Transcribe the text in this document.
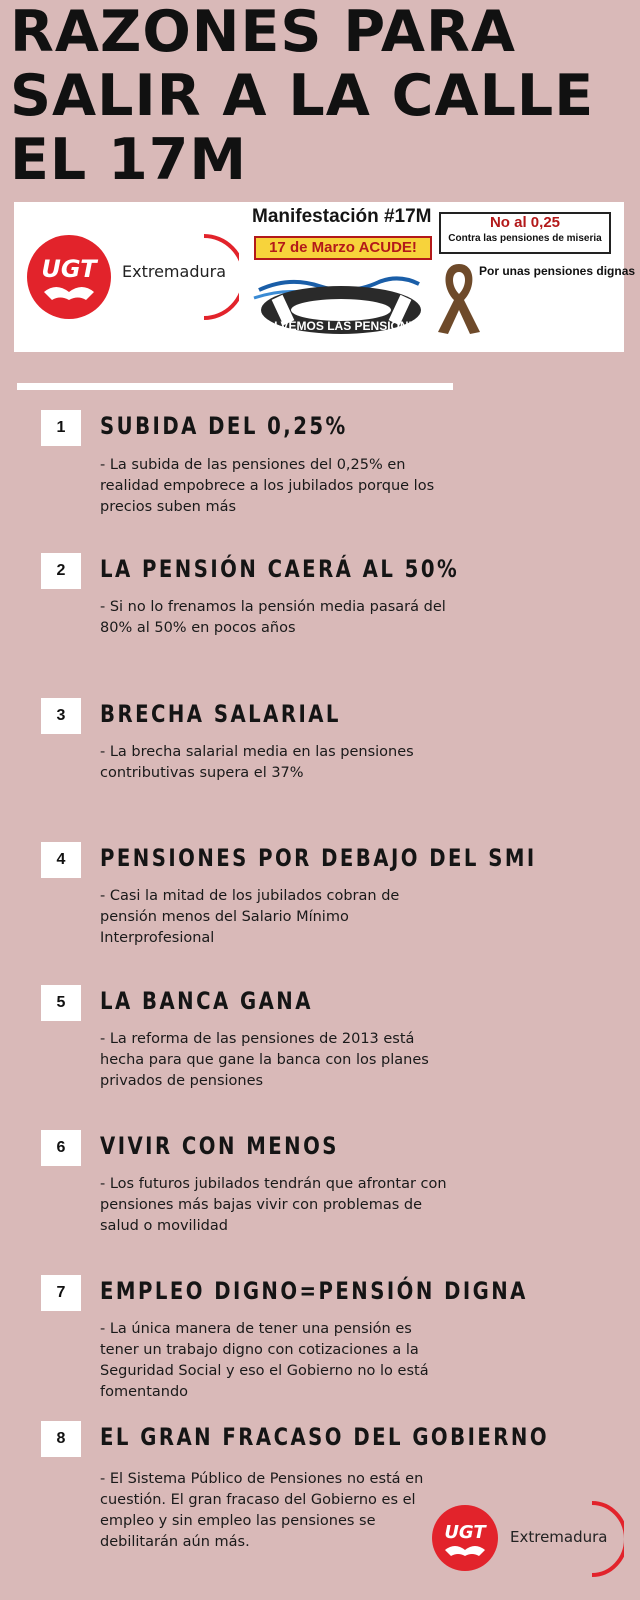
RAZONES PARA
SALIR A LA CALLE
EL 17M
UGT Extremadura
Manifestación #17M
17 de Marzo ACUDE!
SALVEMOS LAS PENSIONES
No al 0,25
Contra las pensiones de miseria
Por unas pensiones dignas
1	SUBIDA DEL 0,25%
- La subida de las pensiones del 0,25% en realidad empobrece a los jubilados porque los precios suben más
2	LA PENSIÓN CAERÁ AL 50%
- Si no lo frenamos la pensión media pasará del 80% al 50% en pocos años
3	BRECHA SALARIAL
- La brecha salarial media en las pensiones contributivas supera el 37%
4	PENSIONES POR DEBAJO DEL SMI
- Casi la mitad de los jubilados cobran de pensión menos del Salario Mínimo Interprofesional
5	LA BANCA GANA
- La reforma de las pensiones de 2013 está hecha para que gane la banca con los planes privados de pensiones
6	VIVIR CON MENOS
- Los futuros jubilados tendrán que afrontar con pensiones más bajas vivir con problemas de salud o movilidad
7	EMPLEO DIGNO=PENSIÓN DIGNA
- La única manera de tener una pensión es tener un trabajo digno con cotizaciones a la Seguridad Social y eso el Gobierno no lo está fomentando
8	EL GRAN FRACASO DEL GOBIERNO
- El Sistema Público de Pensiones no está en cuestión. El gran fracaso del Gobierno es el empleo y sin empleo las pensiones se debilitarán aún más.	UGT Extremadura
